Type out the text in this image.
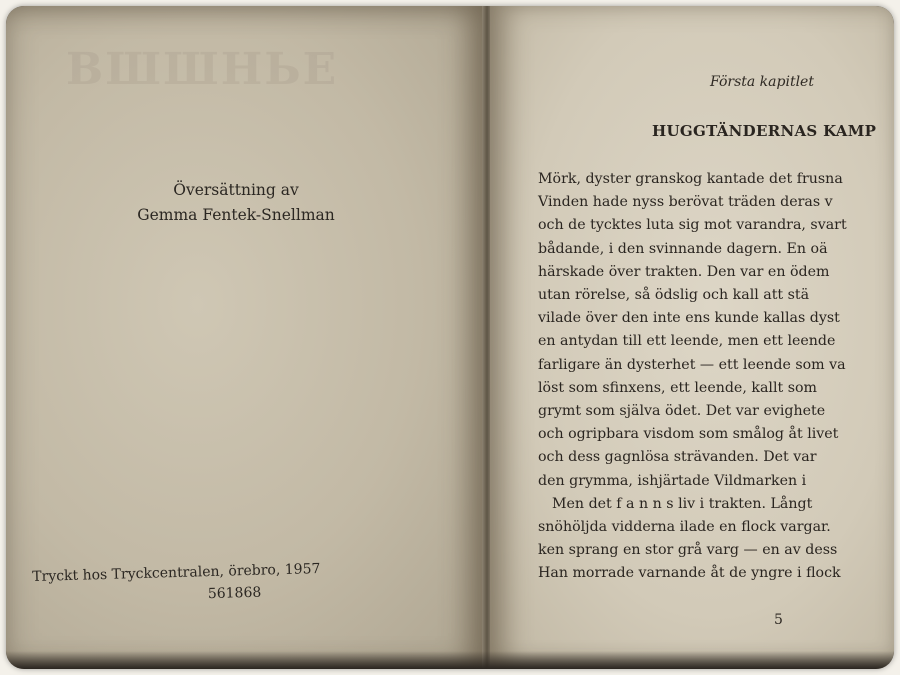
ВШШНЬЕ
Översättning av
Gemma Fentek-Snellman
Tryckt hos Tryckcentralen, örebro, 1957
561868
Första kapitlet
HUGGTÄNDERNAS KAMP
Mörk, dyster granskog kantade det frusna
Vinden hade nyss berövat träden deras v
och de tycktes luta sig mot varandra, svart
bådande, i den svinnande dagern. En oä
härskade över trakten. Den var en ödem
utan rörelse, så ödslig och kall att stä
vilade över den inte ens kunde kallas dyst
en antydan till ett leende, men ett leende
farligare än dysterhet — ett leende som va
löst som sfinxens, ett leende, kallt som
grymt som själva ödet. Det var evighete
och ogripbara visdom som smålog åt livet
och dess gagnlösa strävanden. Det var
den grymma, ishjärtade Vildmarken i
Men det f a n n s liv i trakten. Långt
snöhöljda vidderna ilade en flock vargar.
ken sprang en stor grå varg — en av dess
Han morrade varnande åt de yngre i flock
5
